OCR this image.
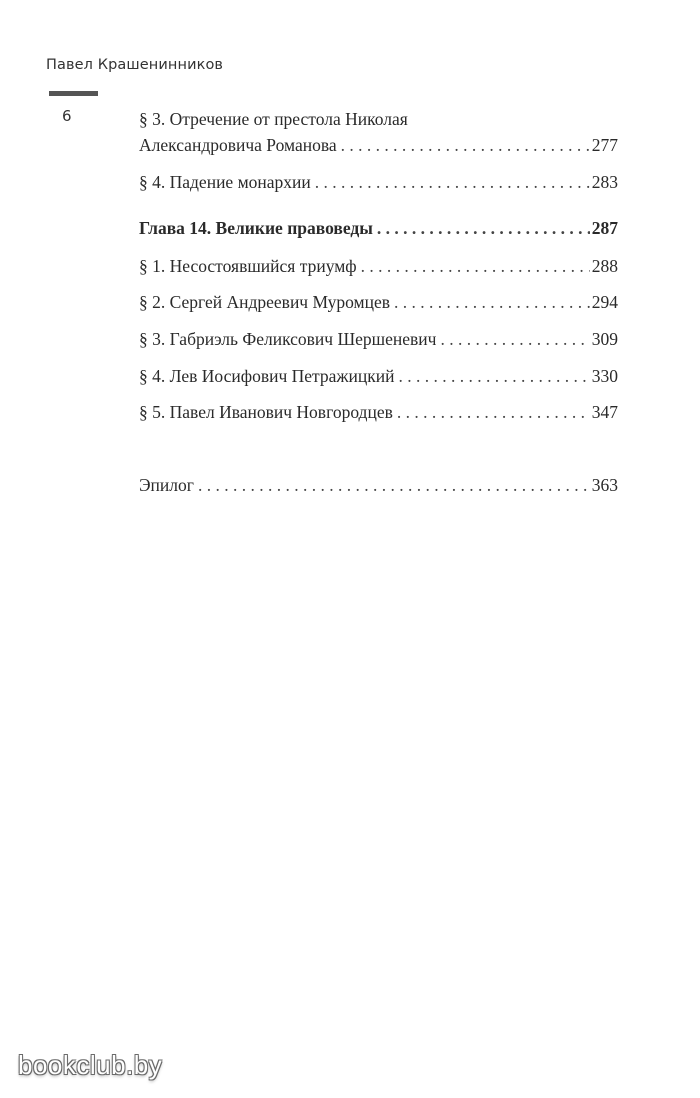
Павел Крашенинников
6	§ 3. Отречение от престола Николая
Александровича Романова . . .	277
§ 4. Падение монархии . . .	283
Глава 14. Великие правоведы . . .	287
§ 1. Несостоявшийся триумф . . .	288
§ 2. Сергей Андреевич Муромцев . . .	294
§ 3. Габриэль Феликсович Шершеневич . . .	309
§ 4. Лев Иосифович Петражицкий . . .	330
§ 5. Павел Иванович Новгородцев . . .	347
Эпилог . . .	363
bookclub.by
